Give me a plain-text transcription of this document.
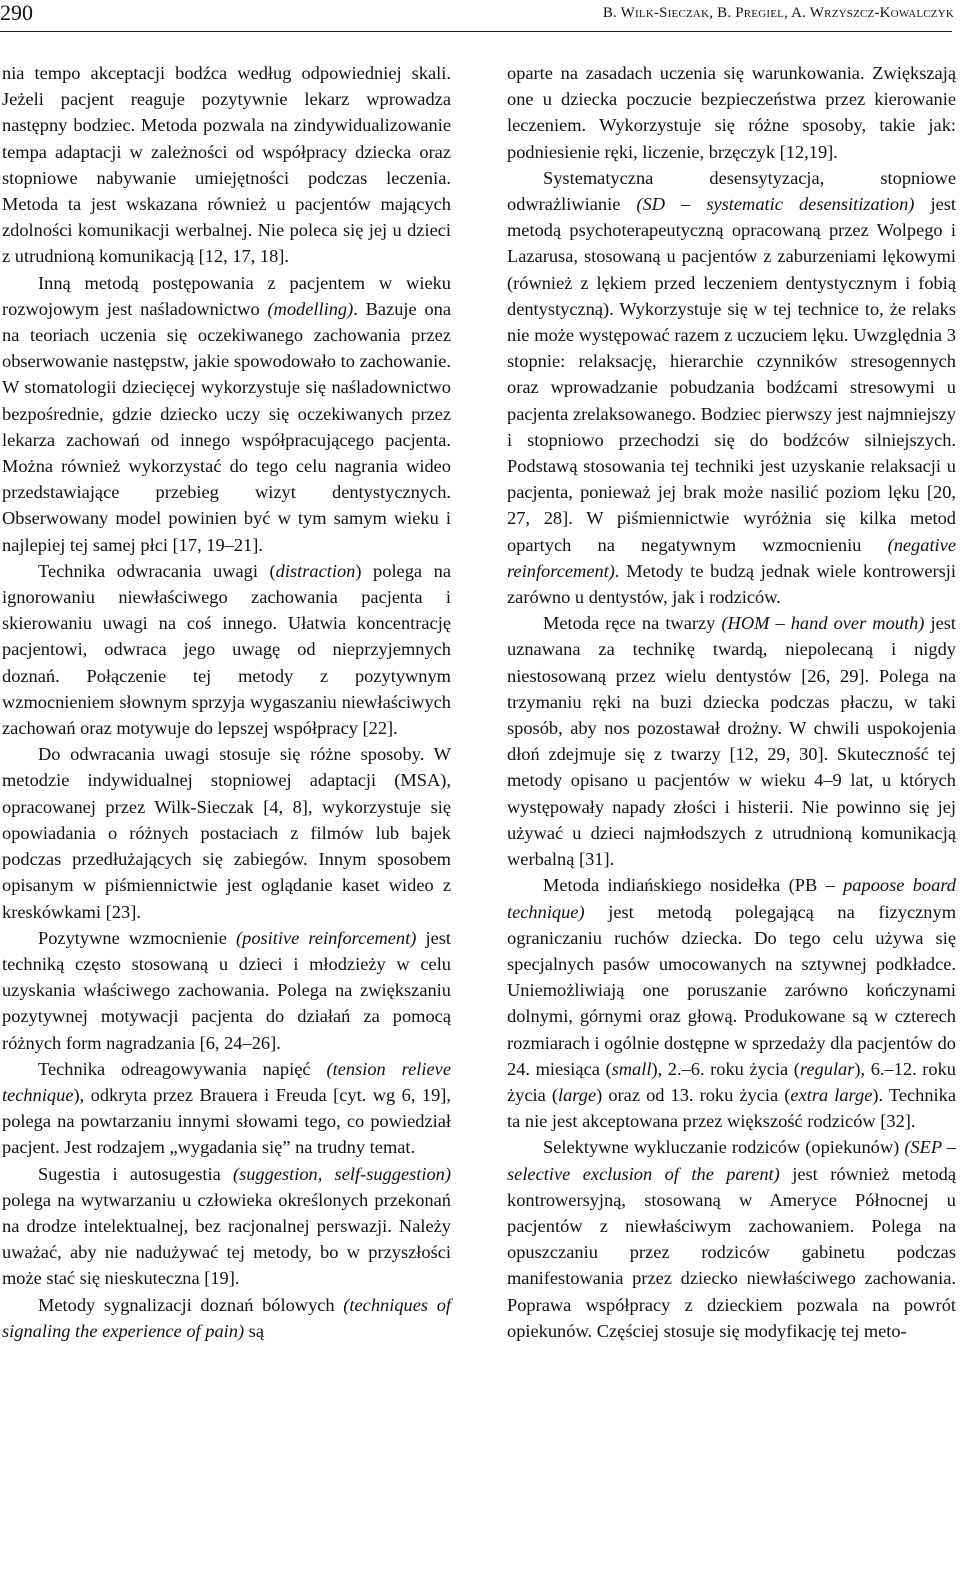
290	B. Wilk-Sieczak, B. Pregiel, A. Wrzyszcz-Kowalczyk

nia tempo akceptacji bodźca według odpowiedniej skali. Jeżeli pacjent reaguje pozytywnie lekarz wprowadza następny bodziec. Metoda pozwala na zindywidualizowanie tempa adaptacji w zależności od współpracy dziecka oraz stopniowe nabywanie umiejętności podczas leczenia. Metoda ta jest wskazana również u pacjentów mających zdolności komunikacji werbalnej. Nie poleca się jej u dzieci z utrudnioną komunikacją [12, 17, 18].

Inną metodą postępowania z pacjentem w wieku rozwojowym jest naśladownictwo (modelling). Bazuje ona na teoriach uczenia się oczekiwanego zachowania przez obserwowanie następstw, jakie spowodowało to zachowanie. W stomatologii dziecięcej wykorzystuje się naśladownictwo bezpośrednie, gdzie dziecko uczy się oczekiwanych przez lekarza zachowań od innego współpracującego pacjenta. Można również wykorzystać do tego celu nagrania wideo przedstawiające przebieg wizyt dentystycznych. Obserwowany model powinien być w tym samym wieku i najlepiej tej samej płci [17, 19–21].

Technika odwracania uwagi (distraction) polega na ignorowaniu niewłaściwego zachowania pacjenta i skierowaniu uwagi na coś innego. Ułatwia koncentrację pacjentowi, odwraca jego uwagę od nieprzyjemnych doznań. Połączenie tej metody z pozytywnym wzmocnieniem słownym sprzyja wygaszaniu niewłaściwych zachowań oraz motywuje do lepszej współpracy [22].

Do odwracania uwagi stosuje się różne sposoby. W metodzie indywidualnej stopniowej adaptacji (MSA), opracowanej przez Wilk-Sieczak [4, 8], wykorzystuje się opowiadania o różnych postaciach z filmów lub bajek podczas przedłużających się zabiegów. Innym sposobem opisanym w piśmiennictwie jest oglądanie kaset wideo z kreskówkami [23].

Pozytywne wzmocnienie (positive reinforcement) jest techniką często stosowaną u dzieci i młodzieży w celu uzyskania właściwego zachowania. Polega na zwiększaniu pozytywnej motywacji pacjenta do działań za pomocą różnych form nagradzania [6, 24–26].

Technika odreagowywania napięć (tension relieve technique), odkryta przez Brauera i Freuda [cyt. wg 6, 19], polega na powtarzaniu innymi słowami tego, co powiedział pacjent. Jest rodzajem „wygadania się” na trudny temat.

Sugestia i autosugestia (suggestion, self-suggestion) polega na wytwarzaniu u człowieka określonych przekonań na drodze intelektualnej, bez racjonalnej perswazji. Należy uważać, aby nie nadużywać tej metody, bo w przyszłości może stać się nieskuteczna [19].

Metody sygnalizacji doznań bólowych (techniques of signaling the experience of pain) są

oparte na zasadach uczenia się warunkowania. Zwiększają one u dziecka poczucie bezpieczeństwa przez kierowanie leczeniem. Wykorzystuje się różne sposoby, takie jak: podniesienie ręki, liczenie, brzęczyk [12,19].

Systematyczna desensytyzacja, stopniowe odwrażliwianie (SD – systematic desensitization) jest metodą psychoterapeutyczną opracowaną przez Wolpego i Lazarusa, stosowaną u pacjentów z zaburzeniami lękowymi (również z lękiem przed leczeniem dentystycznym i fobią dentystyczną). Wykorzystuje się w tej technice to, że relaks nie może występować razem z uczuciem lęku. Uwzględnia 3 stopnie: relaksację, hierarchie czynników stresogennych oraz wprowadzanie pobudzania bodźcami stresowymi u pacjenta zrelaksowanego. Bodziec pierwszy jest najmniejszy i stopniowo przechodzi się do bodźców silniejszych. Podstawą stosowania tej techniki jest uzyskanie relaksacji u pacjenta, ponieważ jej brak może nasilić poziom lęku [20, 27, 28]. W piśmiennictwie wyróżnia się kilka metod opartych na negatywnym wzmocnieniu (negative reinforcement). Metody te budzą jednak wiele kontrowersji zarówno u dentystów, jak i rodziców.

Metoda ręce na twarzy (HOM – hand over mouth) jest uznawana za technikę twardą, niepolecaną i nigdy niestosowaną przez wielu dentystów [26, 29]. Polega na trzymaniu ręki na buzi dziecka podczas płaczu, w taki sposób, aby nos pozostawał drożny. W chwili uspokojenia dłoń zdejmuje się z twarzy [12, 29, 30]. Skuteczność tej metody opisano u pacjentów w wieku 4–9 lat, u których występowały napady złości i histerii. Nie powinno się jej używać u dzieci najmłodszych z utrudnioną komunikacją werbalną [31].

Metoda indiańskiego nosidełka (PB – papoose board technique) jest metodą polegającą na fizycznym ograniczaniu ruchów dziecka. Do tego celu używa się specjalnych pasów umocowanych na sztywnej podkładce. Uniemożliwiają one poruszanie zarówno kończynami dolnymi, górnymi oraz głową. Produkowane są w czterech rozmiarach i ogólnie dostępne w sprzedaży dla pacjentów do 24. miesiąca (small), 2.–6. roku życia (regular), 6.–12. roku życia (large) oraz od 13. roku życia (extra large). Technika ta nie jest akceptowana przez większość rodziców [32].

Selektywne wykluczanie rodziców (opiekunów) (SEP – selective exclusion of the parent) jest również metodą kontrowersyjną, stosowaną w Ameryce Północnej u pacjentów z niewłaściwym zachowaniem. Polega na opuszczaniu przez rodziców gabinetu podczas manifestowania przez dziecko niewłaściwego zachowania. Poprawa współpracy z dzieckiem pozwala na powrót opiekunów. Częściej stosuje się modyfikację tej meto-
